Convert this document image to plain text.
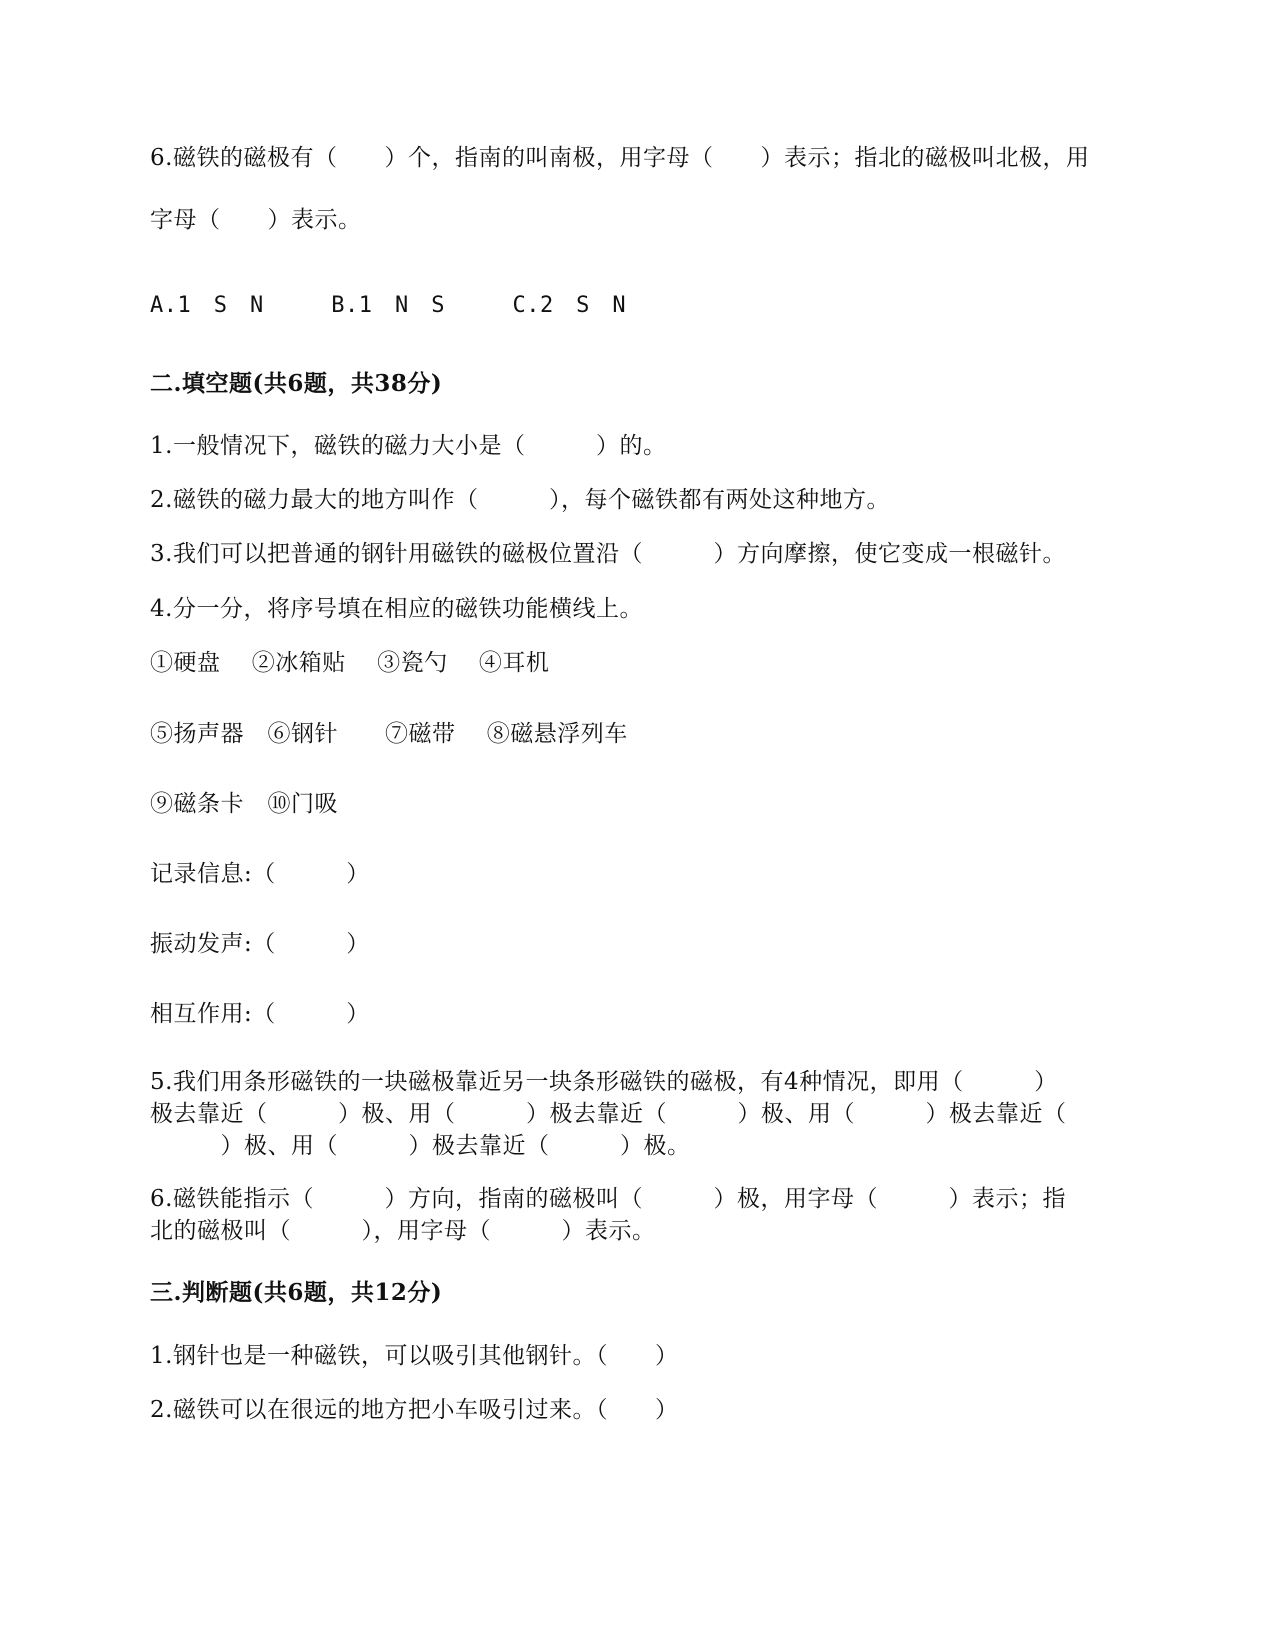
6.磁铁的磁极有（　　）个，指南的叫南极，用字母（　　）表示；指北的磁极叫北极，用
字母（　　）表示。
A.1　S　N　　　B.1　N　S　　　C.2　S　N
二.填空题(共6题，共38分)
1.一般情况下，磁铁的磁力大小是（　　　）的。
2.磁铁的磁力最大的地方叫作（　　　），每个磁铁都有两处这种地方。
3.我们可以把普通的钢针用磁铁的磁极位置沿（　　　）方向摩擦，使它变成一根磁针。
4.分一分，将序号填在相应的磁铁功能横线上。
①硬盘　 ②冰箱贴　 ③瓷勺　 ④耳机
⑤扬声器　⑥钢针　　⑦磁带　 ⑧磁悬浮列车
⑨磁条卡　⑩门吸
记录信息:（　　　）
振动发声:（　　　）
相互作用:（　　　）
5.我们用条形磁铁的一块磁极靠近另一块条形磁铁的磁极，有4种情况，即用（　　　）
极去靠近（　　　）极、用（　　　）极去靠近（　　　）极、用（　　　）极去靠近（
　　　）极、用（　　　）极去靠近（　　　）极。
6.磁铁能指示（　　　）方向，指南的磁极叫（　　　）极，用字母（　　　）表示；指
北的磁极叫（　　　），用字母（　　　）表示。
三.判断题(共6题，共12分)
1.钢针也是一种磁铁，可以吸引其他钢针。（　　）
2.磁铁可以在很远的地方把小车吸引过来。（　　）
